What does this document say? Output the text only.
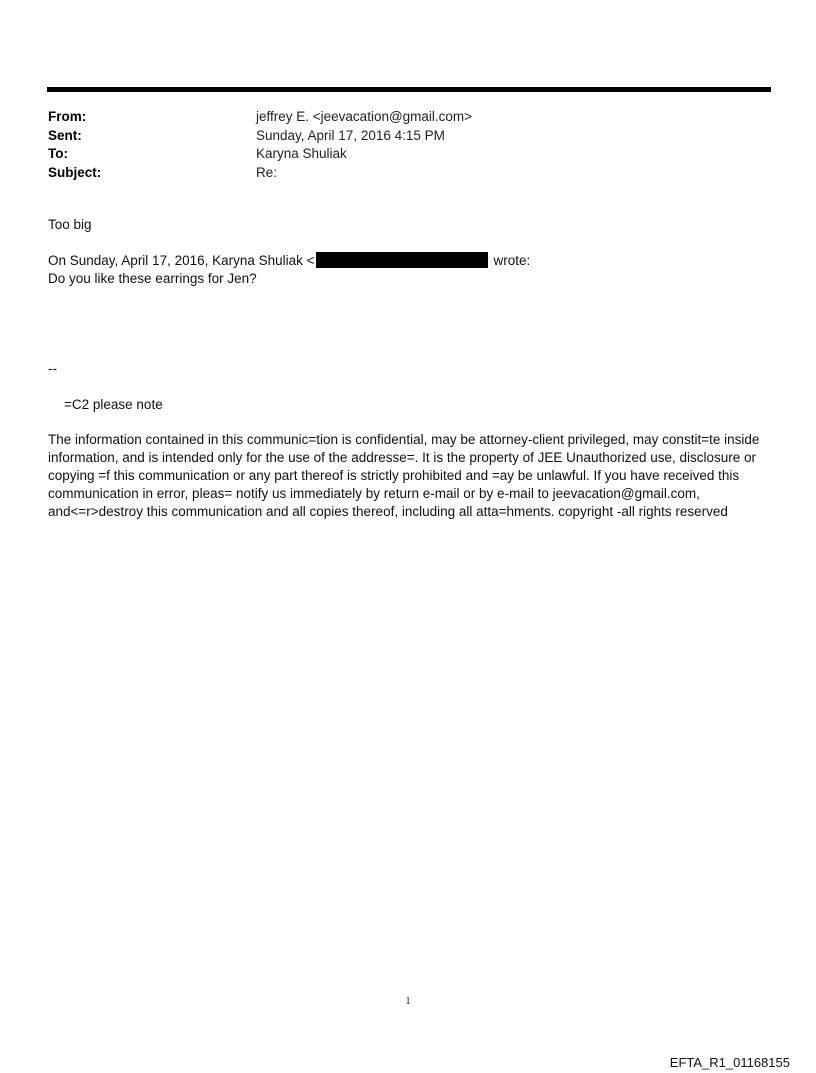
From:	jeffrey E. <jeevacation@gmail.com>
Sent:	Sunday, April 17, 2016 4:15 PM
To:	Karyna Shuliak
Subject:	Re:
Too big
On Sunday, April 17, 2016, Karyna Shuliak <	wrote:
Do you like these earrings for Jen?
--
=C2 please note
The information contained in this communic=tion is confidential, may be attorney-client privileged, may constit=te inside information, and is intended only for the use of the addresse=. It is the property of JEE Unauthorized use, disclosure or copying =f this communication or any part thereof is strictly prohibited and =ay be unlawful. If you have received this communication in error, pleas= notify us immediately by return e-mail or by e-mail to jeevacation@gmail.com, and<=r>destroy this communication and all copies thereof, including all atta=hments. copyright -all rights reserved
1
EFTA_R1_01168155
